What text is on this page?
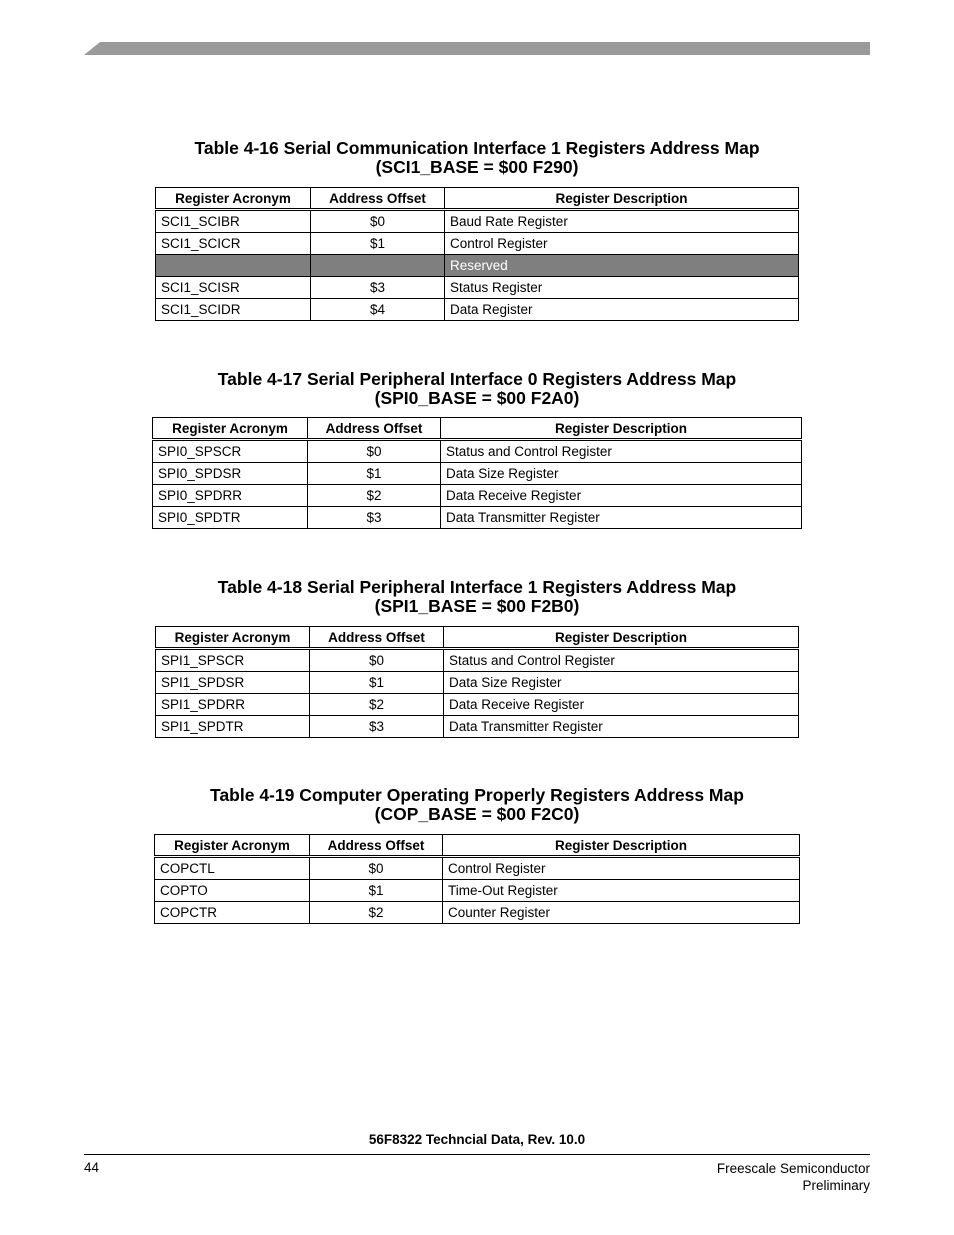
Table 4-16 Serial Communication Interface 1 Registers Address Map
(SCI1_BASE = $00 F290)
Register Acronym	Address Offset	Register Description
SCI1_SCIBR	$0	Baud Rate Register
SCI1_SCICR	$1	Control Register
		Reserved
SCI1_SCISR	$3	Status Register
SCI1_SCIDR	$4	Data Register
Table 4-17 Serial Peripheral Interface 0 Registers Address Map
(SPI0_BASE = $00 F2A0)
Register Acronym	Address Offset	Register Description
SPI0_SPSCR	$0	Status and Control Register
SPI0_SPDSR	$1	Data Size Register
SPI0_SPDRR	$2	Data Receive Register
SPI0_SPDTR	$3	Data Transmitter Register
Table 4-18 Serial Peripheral Interface 1 Registers Address Map
(SPI1_BASE = $00 F2B0)
Register Acronym	Address Offset	Register Description
SPI1_SPSCR	$0	Status and Control Register
SPI1_SPDSR	$1	Data Size Register
SPI1_SPDRR	$2	Data Receive Register
SPI1_SPDTR	$3	Data Transmitter Register
Table 4-19 Computer Operating Properly Registers Address Map
(COP_BASE = $00 F2C0)
Register Acronym	Address Offset	Register Description
COPCTL	$0	Control Register
COPTO	$1	Time-Out Register
COPCTR	$2	Counter Register
56F8322 Techncial Data, Rev. 10.0
44	Freescale Semiconductor
Preliminary
